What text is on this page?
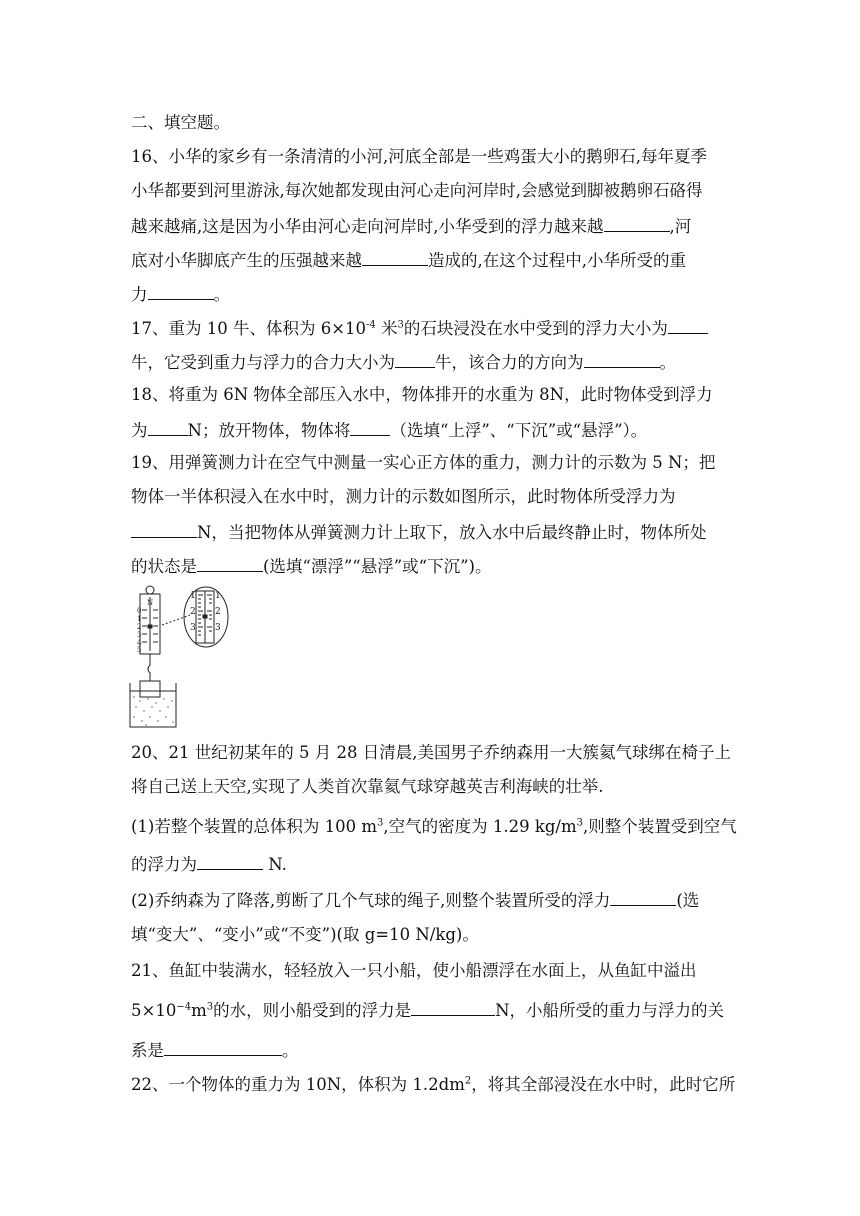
二、填空题。
16、小华的家乡有一条清清的小河,河底全部是一些鸡蛋大小的鹅卵石,每年夏季
小华都要到河里游泳,每次她都发现由河心走向河岸时,会感觉到脚被鹅卵石硌得
越来越痛,这是因为小华由河心走向河岸时,小华受到的浮力越来越	,河
底对小华脚底产生的压强越来越	造成的,在这个过程中,小华所受的重
力	。
17、重为 10 牛、体积为 $6\times 10^{-4}$ 米$^3$的石块浸没在水中受到的浮力大小为
牛，它受到重力与浮力的合力大小为 牛，该合力的方向为	。
18、将重为 6N 物体全部压入水中，物体排开的水重为 8N，此时物体受到浮力
为 N；放开物体，物体将 （选填“上浮”、“下沉”或“悬浮”）。
19、用弹簧测力计在空气中测量一实心正方体的重力，测力计的示数为 5 N；把
物体一半体积浸入在水中时，测力计的示数如图所示，此时物体所受浮力为
N，当把物体从弹簧测力计上取下，放入水中后最终静止时，物体所处
的状态是	(选填“漂浮”“悬浮”或“下沉”)。
N
0
1
2
3
4
5
1
2
3
1
2
3
20、21 世纪初某年的 5 月 28 日清晨,美国男子乔纳森用一大簇氦气球绑在椅子上
将自己送上天空,实现了人类首次靠氦气球穿越英吉利海峡的壮举.
(1)若整个装置的总体积为 100 $m^3$,空气的密度为 1.29 $kg/m^3$,则整个装置受到空气
的浮力为	N.
(2)乔纳森为了降落,剪断了几个气球的绳子,则整个装置所受的浮力	(选
填“变大”、“变小”或“不变”)(取 g=10 N/kg)。
21、鱼缸中装满水，轻轻放入一只小船，使小船漂浮在水面上，从鱼缸中溢出
$5\times 10^{-4}m^3$的水，则小船受到的浮力是	N，小船所受的重力与浮力的关
系是	。
22、一个物体的重力为 10N，体积为 $1.2dm^2$，将其全部浸没在水中时，此时它所
